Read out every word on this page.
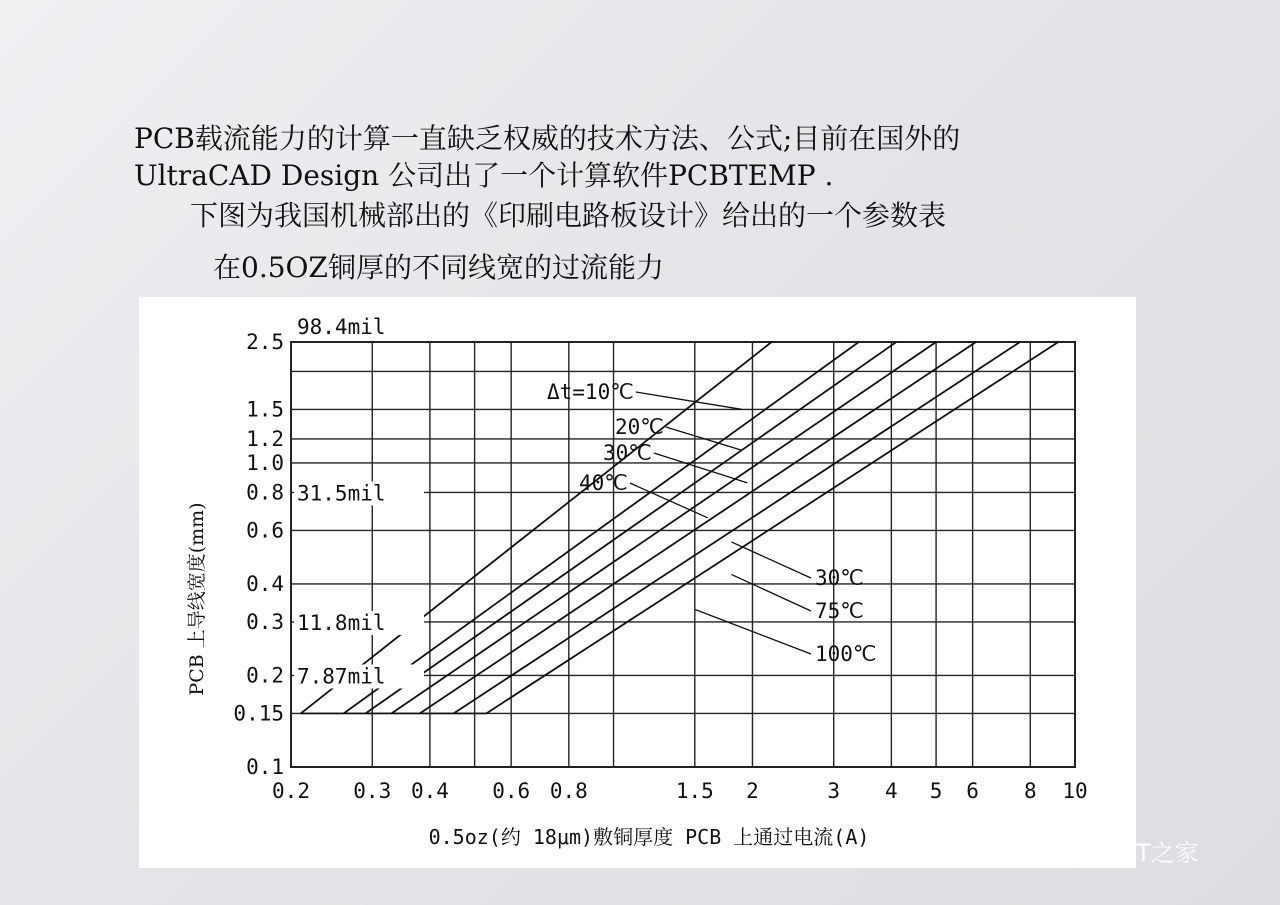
PCB载流能力的计算一直缺乏权威的技术方法、公式;目前在国外的
UltraCAD Design 公司出了一个计算软件PCBTEMP .
下图为我国机械部出的《印刷电路板设计》给出的一个参数表
在0.5OZ铜厚的不同线宽的过流能力
0.2 0.3 0.4 0.6 0.8	1.5 2	3 4 5 6 8 10
2.5
1.5
1.2
1.0
0.8
0.6
0.4
0.3
0.2
0.15
0.1
98.4mil
31.5mil
11.8mil
7.87mil
Δt=10℃
20℃
30℃
40℃
30℃
75℃
100℃
0.5oz(约 18μm)敷铜厚度 PCB 上通过电流(A)
PCB 上导线宽度(mm)
SMT之家
